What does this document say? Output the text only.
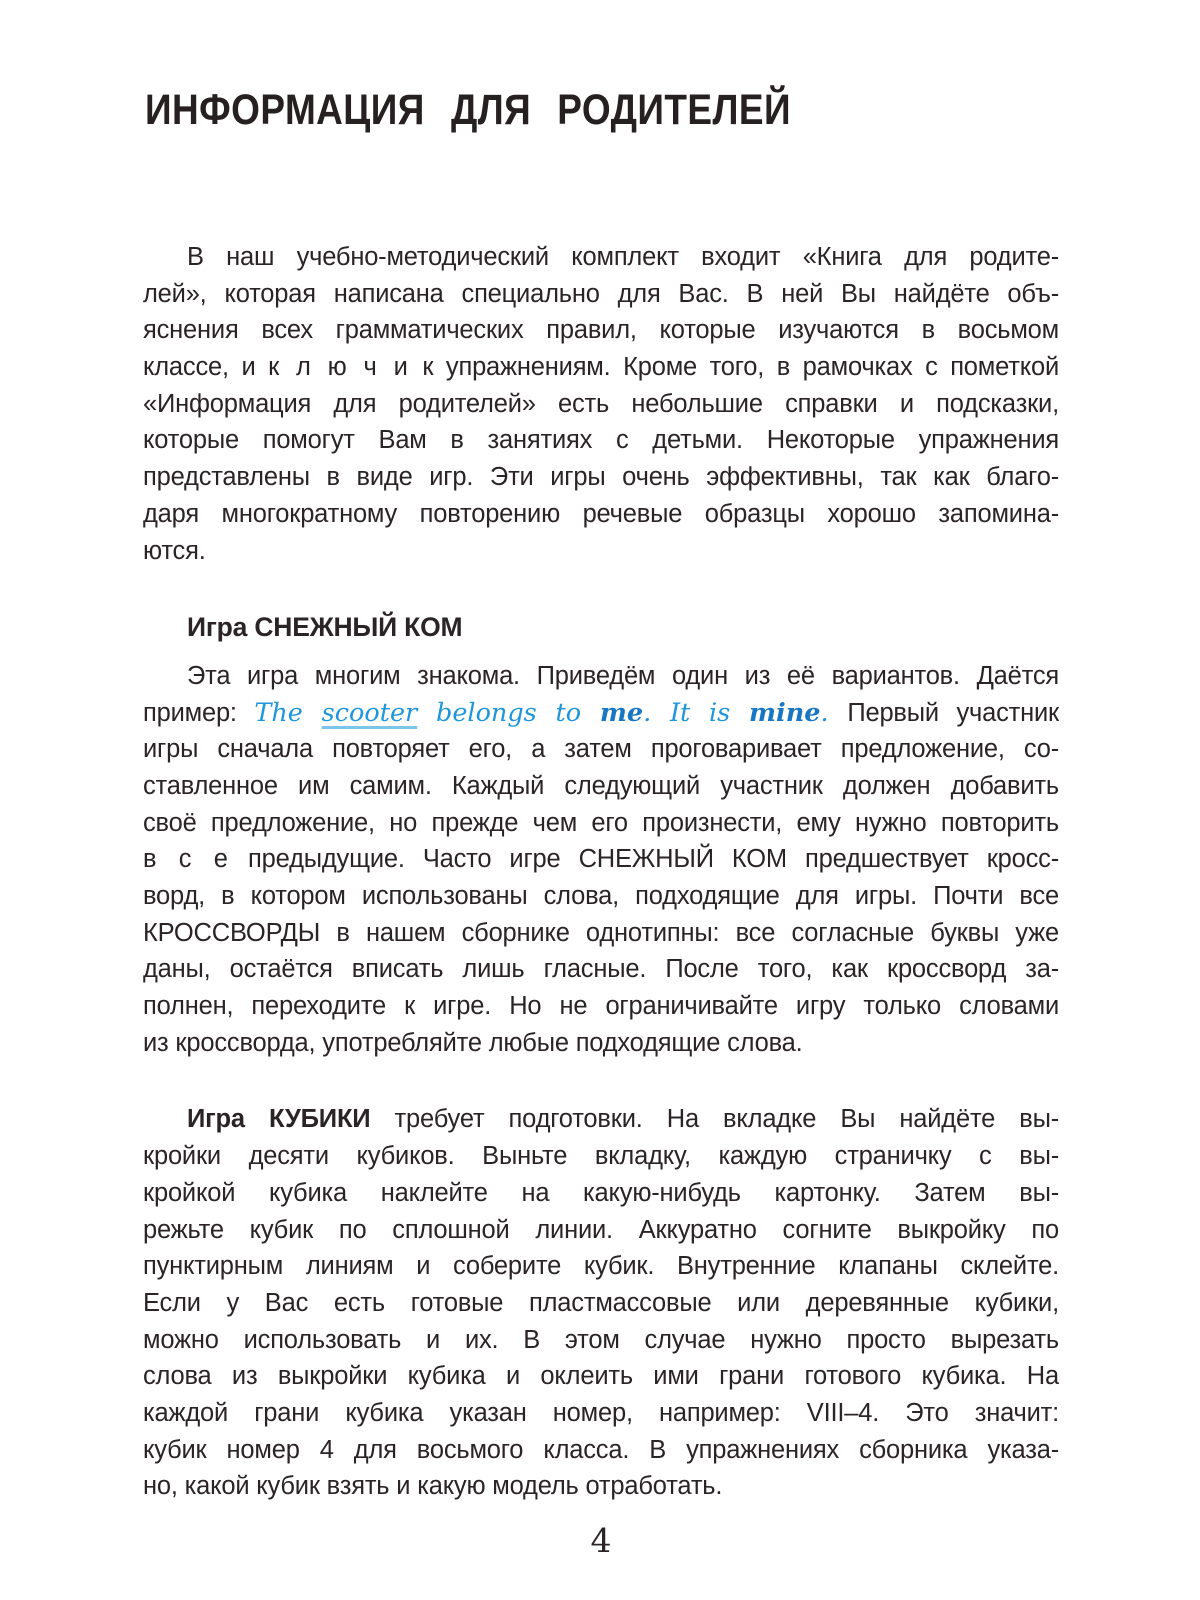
ИНФОРМАЦИЯ ДЛЯ РОДИТЕЛЕЙ
В наш учебно-методический комплект входит «Книга для родите-
лей», которая написана специально для Вас. В ней Вы найдёте объ-
яснения всех грамматических правил, которые изучаются в восьмом
классе, и к л ю ч и к упражнениям. Кроме того, в рамочках с пометкой
«Информация для родителей» есть небольшие справки и подсказки,
которые помогут Вам в занятиях с детьми. Некоторые упражнения
представлены в виде игр. Эти игры очень эффективны, так как благо-
даря многократному повторению речевые образцы хорошо запомина-
ются.
Игра СНЕЖНЫЙ КОМ
Эта игра многим знакома. Приведём один из её вариантов. Даётся
пример: The scooter belongs to me. It is mine. Первый участник
игры сначала повторяет его, а затем проговаривает предложение, со-
ставленное им самим. Каждый следующий участник должен добавить
своё предложение, но прежде чем его произнести, ему нужно повторить
в с е предыдущие. Часто игре СНЕЖНЫЙ КОМ предшествует кросс-
ворд, в котором использованы слова, подходящие для игры. Почти все
КРОССВОРДЫ в нашем сборнике однотипны: все согласные буквы уже
даны, остаётся вписать лишь гласные. После того, как кроссворд за-
полнен, переходите к игре. Но не ограничивайте игру только словами
из кроссворда, употребляйте любые подходящие слова.
Игра КУБИКИ требует подготовки. На вкладке Вы найдёте вы-
кройки десяти кубиков. Выньте вкладку, каждую страничку с вы-
кройкой кубика наклейте на какую-нибудь картонку. Затем вы-
режьте кубик по сплошной линии. Аккуратно согните выкройку по
пунктирным линиям и соберите кубик. Внутренние клапаны склейте.
Если у Вас есть готовые пластмассовые или деревянные кубики,
можно использовать и их. В этом случае нужно просто вырезать
слова из выкройки кубика и оклеить ими грани готового кубика. На
каждой грани кубика указан номер, например: VIII–4. Это значит:
кубик номер 4 для восьмого класса. В упражнениях сборника указа-
но, какой кубик взять и какую модель отработать.
4
